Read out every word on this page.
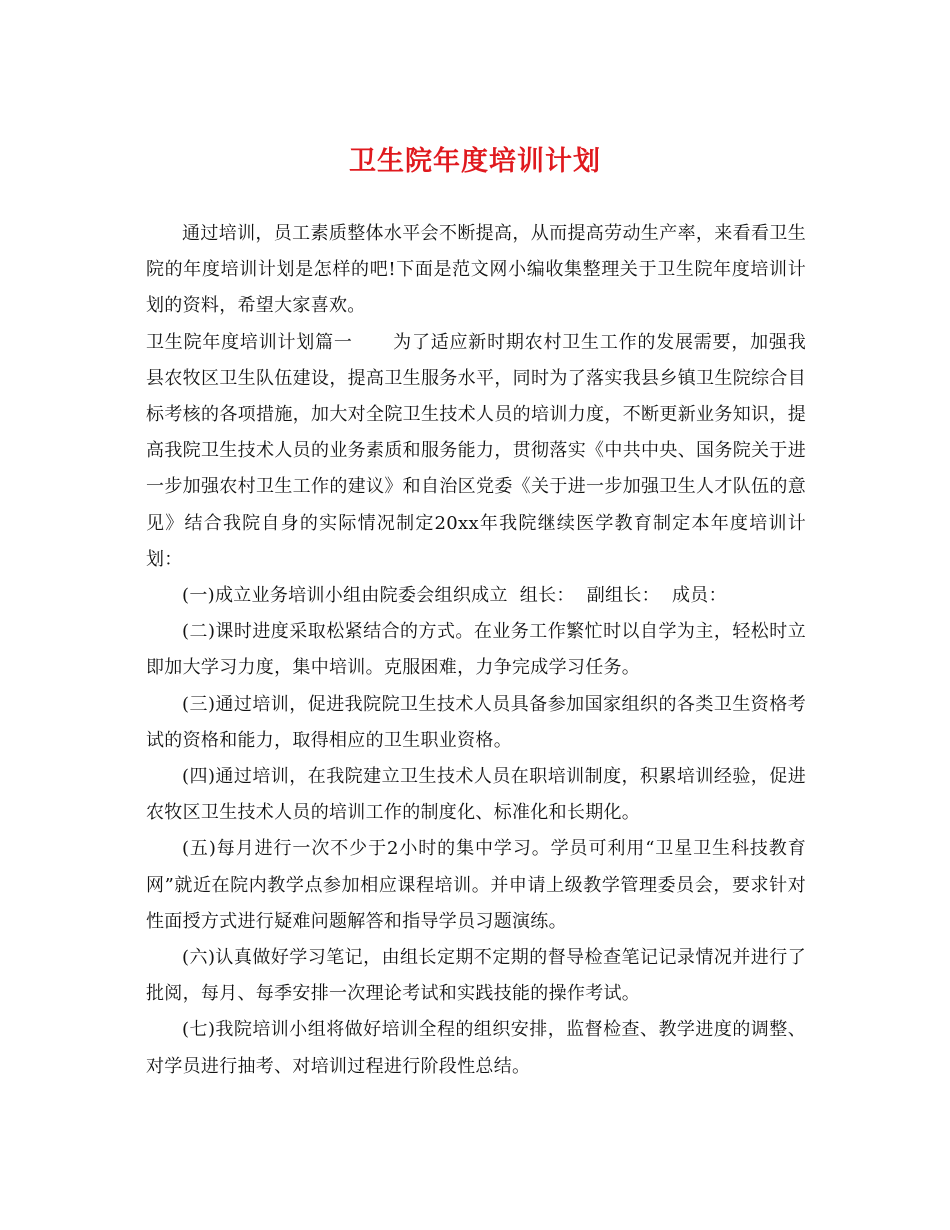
卫生院年度培训计划

通过培训，员工素质整体水平会不断提高，从而提高劳动生产率，来看看卫生院的年度培训计划是怎样的吧!下面是范文网小编收集整理关于卫生院年度培训计划的资料，希望大家喜欢。

卫生院年度培训计划篇一 为了适应新时期农村卫生工作的发展需要，加强我县农牧区卫生队伍建设，提高卫生服务水平，同时为了落实我县乡镇卫生院综合目标考核的各项措施，加大对全院卫生技术人员的培训力度，不断更新业务知识，提高我院卫生技术人员的业务素质和服务能力，贯彻落实《中共中央、国务院关于进一步加强农村卫生工作的建议》和自治区党委《关于进一步加强卫生人才队伍的意见》结合我院自身的实际情况制定20xx年我院继续医学教育制定本年度培训计划：

(一)成立业务培训小组由院委会组织成立  组长：  副组长：  成员：

(二)课时进度采取松紧结合的方式。在业务工作繁忙时以自学为主，轻松时立即加大学习力度，集中培训。克服困难，力争完成学习任务。

(三)通过培训，促进我院院卫生技术人员具备参加国家组织的各类卫生资格考试的资格和能力，取得相应的卫生职业资格。

(四)通过培训，在我院建立卫生技术人员在职培训制度，积累培训经验，促进农牧区卫生技术人员的培训工作的制度化、标准化和长期化。

(五)每月进行一次不少于2小时的集中学习。学员可利用“卫星卫生科技教育网”就近在院内教学点参加相应课程培训。并申请上级教学管理委员会，要求针对性面授方式进行疑难问题解答和指导学员习题演练。

(六)认真做好学习笔记，由组长定期不定期的督导检查笔记记录情况并进行了批阅，每月、每季安排一次理论考试和实践技能的操作考试。

(七)我院培训小组将做好培训全程的组织安排，监督检查、教学进度的调整、对学员进行抽考、对培训过程进行阶段性总结。
